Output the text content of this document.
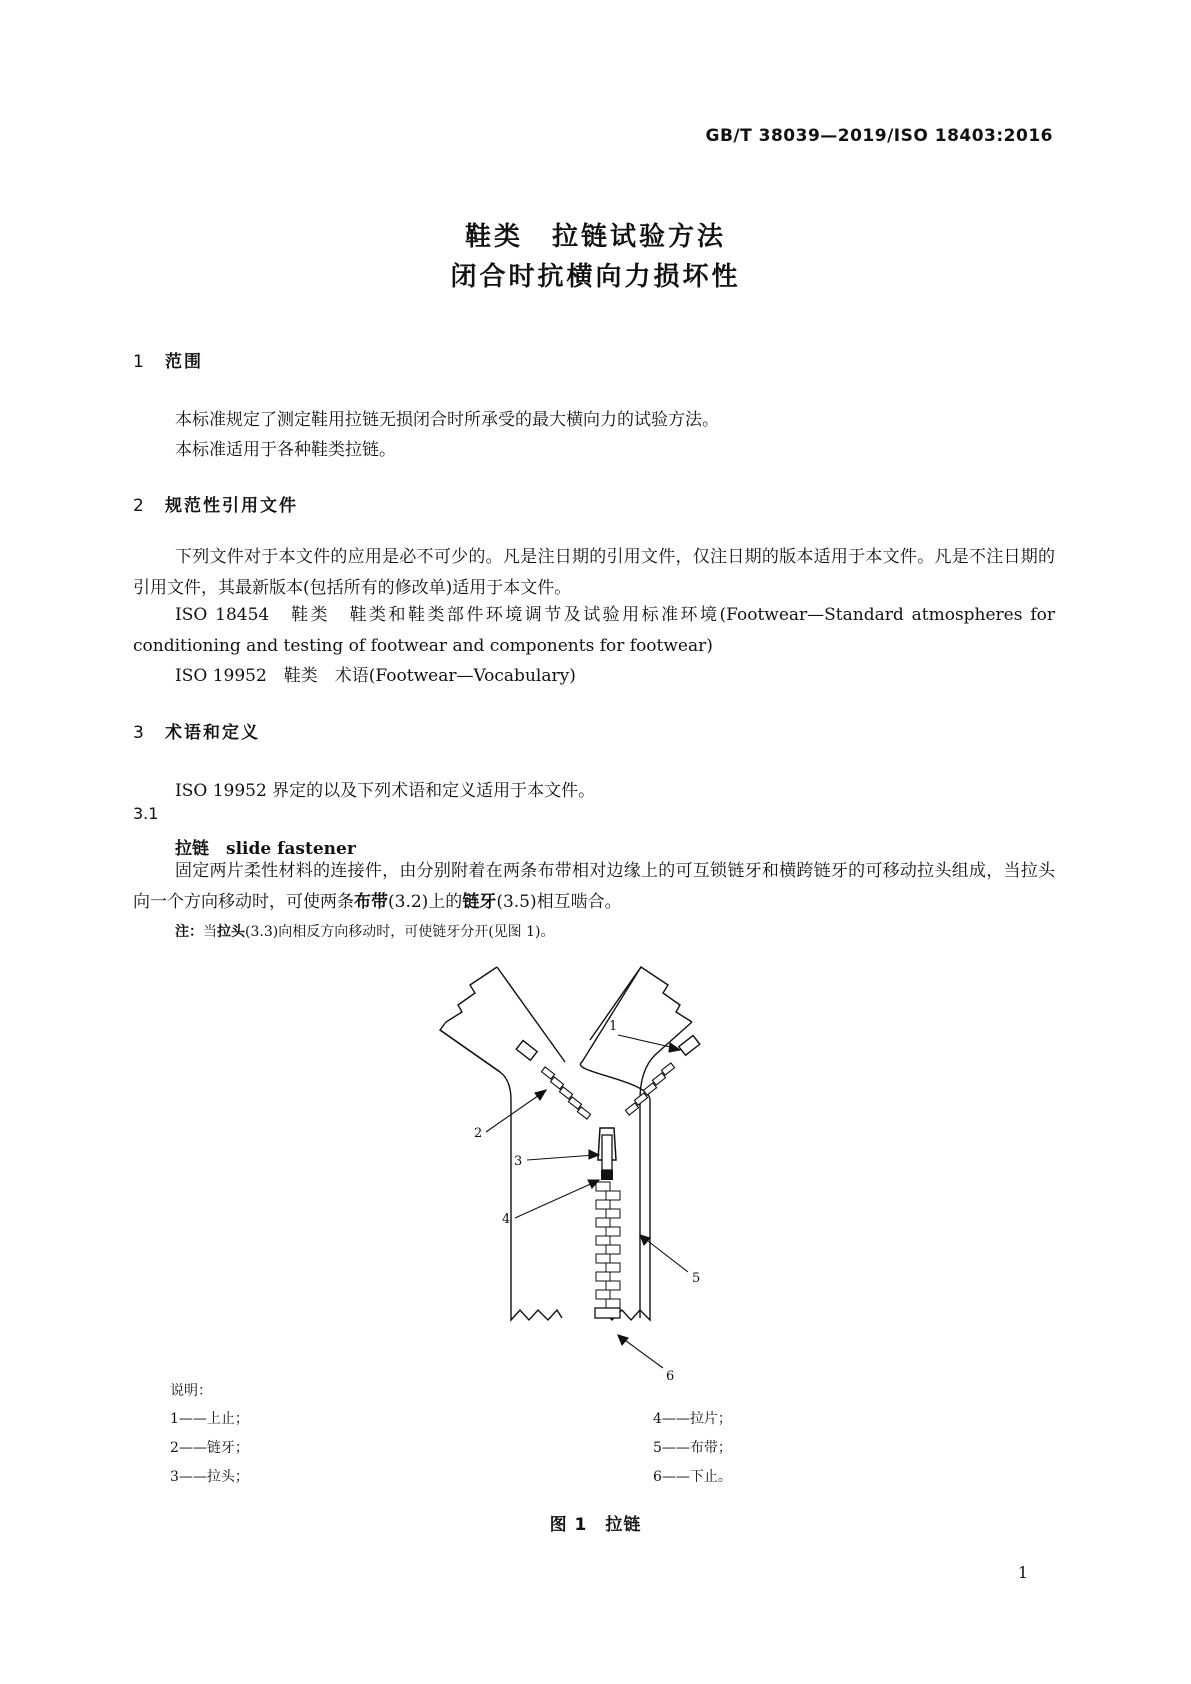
GB/T 38039—2019/ISO 18403:2016
鞋类　拉链试验方法
闭合时抗横向力损坏性
1 范围
本标准规定了测定鞋用拉链无损闭合时所承受的最大横向力的试验方法。
本标准适用于各种鞋类拉链。
2 规范性引用文件
下列文件对于本文件的应用是必不可少的。凡是注日期的引用文件，仅注日期的版本适用于本文件。凡是不注日期的引用文件，其最新版本(包括所有的修改单)适用于本文件。
ISO 18454　鞋类　鞋类和鞋类部件环境调节及试验用标准环境(Footwear—Standard atmospheres for conditioning and testing of footwear and components for footwear)
ISO 19952　鞋类　术语(Footwear—Vocabulary)
3 术语和定义
ISO 19952 界定的以及下列术语和定义适用于本文件。
3.1
拉链　 slide fastener
固定两片柔性材料的连接件，由分别附着在两条布带相对边缘上的可互锁链牙和横跨链牙的可移动拉头组成，当拉头向一个方向移动时，可使两条布带(3.2)上的链牙(3.5)相互啮合。
注：当拉头(3.3)向相反方向移动时，可使链牙分开(见图 1)。
1
2
3
4
5
6
说明：
1——上止；
2——链牙；
3——拉头；
4——拉片；
5——布带；
6——下止。
图 1　拉链
1
